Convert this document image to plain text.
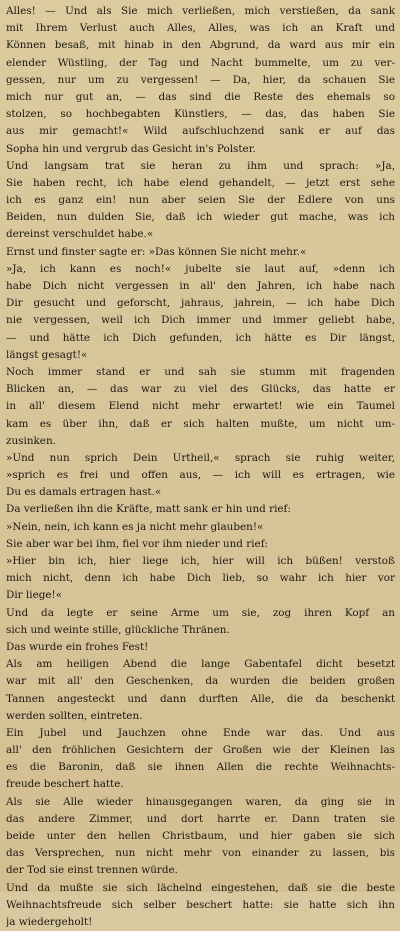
Alles! — Und als Sie mich verließen, mich verstießen, da sank
mit Ihrem Verlust auch Alles, Alles, was ich an Kraft und
Können besaß, mit hinab in den Abgrund, da ward aus mir ein
elender Wüstling, der Tag und Nacht bummelte, um zu ver-
gessen, nur um zu vergessen! — Da, hier, da schauen Sie
mich nur gut an, — das sind die Reste des ehemals so
stolzen, so hochbegabten Künstlers, — das, das haben Sie
aus mir gemacht!« Wild aufschluchzend sank er auf das
Sopha hin und vergrub das Gesicht in's Polster.
Und langsam trat sie heran zu ihm und sprach: »Ja,
Sie haben recht, ich habe elend gehandelt, — jetzt erst sehe
ich es ganz ein! nun aber seien Sie der Edlere von uns
Beiden, nun dulden Sie, daß ich wieder gut mache, was ich
dereinst verschuldet habe.«
Ernst und finster sagte er: »Das können Sie nicht mehr.«
»Ja, ich kann es noch!« jubelte sie laut auf, »denn ich
habe Dich nicht vergessen in all' den Jahren, ich habe nach
Dir gesucht und geforscht, jahraus, jahrein, — ich habe Dich
nie vergessen, weil ich Dich immer und immer geliebt habe,
— und hätte ich Dich gefunden, ich hätte es Dir längst,
längst gesagt!«
Noch immer stand er und sah sie stumm mit fragenden
Blicken an, — das war zu viel des Glücks, das hatte er
in all' diesem Elend nicht mehr erwartet! wie ein Taumel
kam es über ihn, daß er sich halten mußte, um nicht um-
zusinken.
»Und nun sprich Dein Urtheil,« sprach sie ruhig weiter,
»sprich es frei und offen aus, — ich will es ertragen, wie
Du es damals ertragen hast.«
Da verließen ihn die Kräfte, matt sank er hin und rief:
»Nein, nein, ich kann es ja nicht mehr glauben!«
Sie aber war bei ihm, fiel vor ihm nieder und rief:
»Hier bin ich, hier liege ich, hier will ich büßen! verstoß
mich nicht, denn ich habe Dich lieb, so wahr ich hier vor
Dir liege!«
Und da legte er seine Arme um sie, zog ihren Kopf an
sich und weinte stille, glückliche Thränen.
Das wurde ein frohes Fest!
Als am heiligen Abend die lange Gabentafel dicht besetzt
war mit all' den Geschenken, da wurden die beiden großen
Tannen angesteckt und dann durften Alle, die da beschenkt
werden sollten, eintreten.
Ein Jubel und Jauchzen ohne Ende war das. Und aus
all' den fröhlichen Gesichtern der Großen wie der Kleinen las
es die Baronin, daß sie ihnen Allen die rechte Weihnachts-
freude beschert hatte.
Als sie Alle wieder hinausgegangen waren, da ging sie in
das andere Zimmer, und dort harrte er. Dann traten sie
beide unter den hellen Christbaum, und hier gaben sie sich
das Versprechen, nun nicht mehr von einander zu lassen, bis
der Tod sie einst trennen würde.
Und da mußte sie sich lächelnd eingestehen, daß sie die beste
Weihnachtsfreude sich selber beschert hatte: sie hatte sich ihn
ja wiedergeholt!
